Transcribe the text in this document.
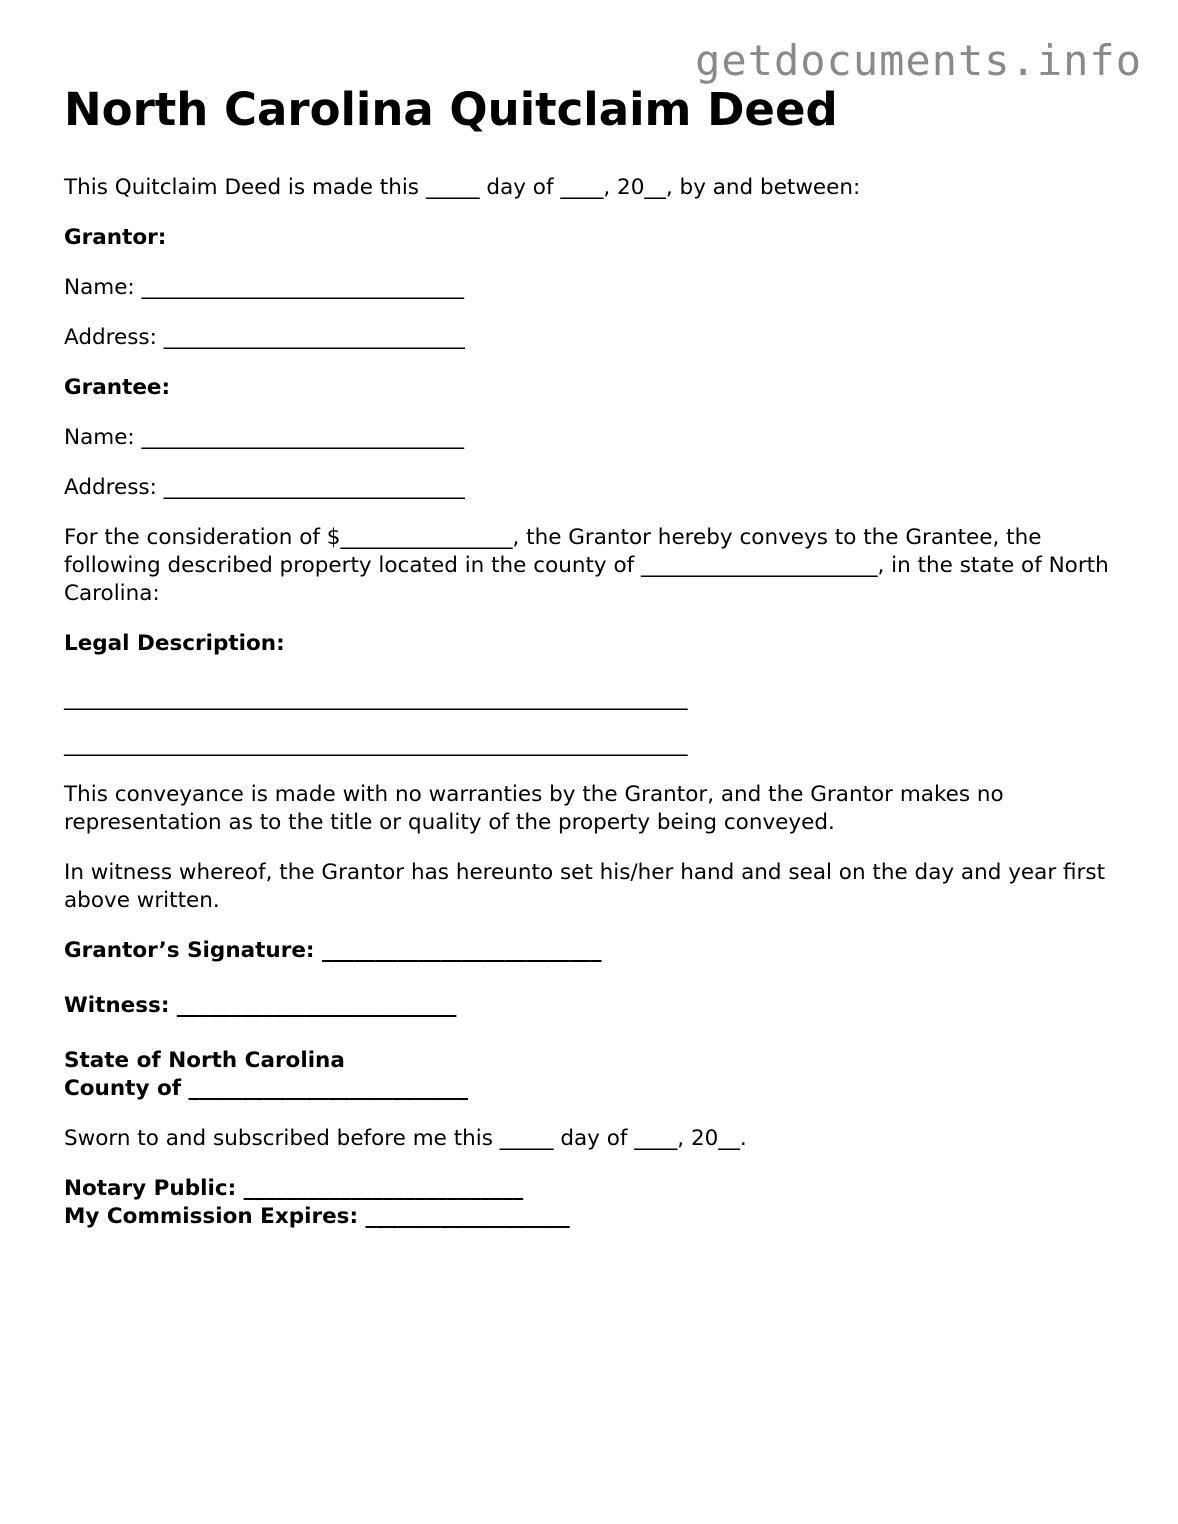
getdocuments.info
North Carolina Quitclaim Deed

This Quitclaim Deed is made this _____ day of ____, 20__, by and between:

Grantor:

Name: ______________________________

Address: ____________________________

Grantee:

Name: ______________________________

Address: ____________________________

For the consideration of $________________, the Grantor hereby conveys to the Grantee, the following described property located in the county of ______________________, in the state of North Carolina:

Legal Description:

__________________________________________________________

__________________________________________________________

This conveyance is made with no warranties by the Grantor, and the Grantor makes no representation as to the title or quality of the property being conveyed.

In witness whereof, the Grantor has hereunto set his/her hand and seal on the day and year first above written.

Grantor’s Signature: __________________________

Witness: __________________________

State of North Carolina

County of __________________________

Sworn to and subscribed before me this _____ day of ____, 20__.

Notary Public: __________________________

My Commission Expires: ___________________
